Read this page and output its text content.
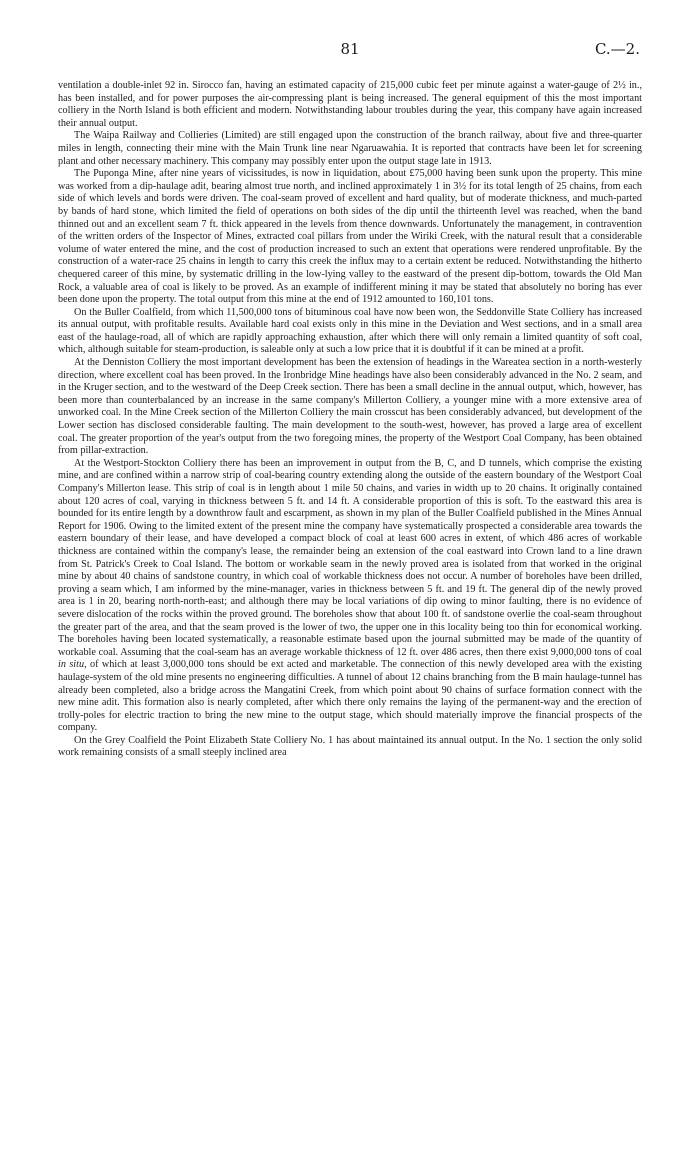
81	C.—2.

ventilation a double-inlet 92 in. Sirocco fan, having an estimated capacity of 215,000 cubic feet per minute against a water-gauge of 2½ in., has been installed, and for power purposes the air-compressing plant is being increased. The general equipment of this the most important colliery in the North Island is both efficient and modern. Notwithstanding labour troubles during the year, this company have again increased their annual output.

The Waipa Railway and Collieries (Limited) are still engaged upon the construction of the branch railway, about five and three-quarter miles in length, connecting their mine with the Main Trunk line near Ngaruawahia. It is reported that contracts have been let for screening plant and other necessary machinery. This company may possibly enter upon the output stage late in 1913.

The Puponga Mine, after nine years of vicissitudes, is now in liquidation, about £75,000 having been sunk upon the property. This mine was worked from a dip-haulage adit, bearing almost true north, and inclined approximately 1 in 3½ for its total length of 25 chains, from each side of which levels and bords were driven. The coal-seam proved of excellent and hard quality, but of moderate thickness, and much-parted by bands of hard stone, which limited the field of operations on both sides of the dip until the thirteenth level was reached, when the band thinned out and an excellent seam 7 ft. thick appeared in the levels from thence downwards. Unfortunately the management, in contravention of the written orders of the Inspector of Mines, extracted coal pillars from under the Wiriki Creek, with the natural result that a considerable volume of water entered the mine, and the cost of production increased to such an extent that operations were rendered unprofitable. By the construction of a water-race 25 chains in length to carry this creek the influx may to a certain extent be reduced. Notwithstanding the hitherto chequered career of this mine, by systematic drilling in the low-lying valley to the eastward of the present dip-bottom, towards the Old Man Rock, a valuable area of coal is likely to be proved. As an example of indifferent mining it may be stated that absolutely no boring has ever been done upon the property. The total output from this mine at the end of 1912 amounted to 160,101 tons.

On the Buller Coalfield, from which 11,500,000 tons of bituminous coal have now been won, the Seddonville State Colliery has increased its annual output, with profitable results. Available hard coal exists only in this mine in the Deviation and West sections, and in a small area east of the haulage-road, all of which are rapidly approaching exhaustion, after which there will only remain a limited quantity of soft coal, which, although suitable for steam-production, is saleable only at such a low price that it is doubtful if it can be mined at a profit.

At the Denniston Colliery the most important development has been the extension of headings in the Wareatea section in a north-westerly direction, where excellent coal has been proved. In the Ironbridge Mine headings have also been considerably advanced in the No. 2 seam, and in the Kruger section, and to the westward of the Deep Creek section. There has been a small decline in the annual output, which, however, has been more than counterbalanced by an increase in the same company's Millerton Colliery, a younger mine with a more extensive area of unworked coal. In the Mine Creek section of the Millerton Colliery the main crosscut has been considerably advanced, but development of the Lower section has disclosed considerable faulting. The main development to the south-west, however, has proved a large area of excellent coal. The greater proportion of the year's output from the two foregoing mines, the property of the Westport Coal Company, has been obtained from pillar-extraction.

At the Westport-Stockton Colliery there has been an improvement in output from the B, C, and D tunnels, which comprise the existing mine, and are confined within a narrow strip of coal-bearing country extending along the outside of the eastern boundary of the Westport Coal Company's Millerton lease. This strip of coal is in length about 1 mile 50 chains, and varies in width up to 20 chains. It originally contained about 120 acres of coal, varying in thickness between 5 ft. and 14 ft. A considerable proportion of this is soft. To the eastward this area is bounded for its entire length by a downthrow fault and escarpment, as shown in my plan of the Buller Coalfield published in the Mines Annual Report for 1906. Owing to the limited extent of the present mine the company have systematically prospected a considerable area towards the eastern boundary of their lease, and have developed a compact block of coal at least 600 acres in extent, of which 486 acres of workable thickness are contained within the company's lease, the remainder being an extension of the coal eastward into Crown land to a line drawn from St. Patrick's Creek to Coal Island. The bottom or workable seam in the newly proved area is isolated from that worked in the original mine by about 40 chains of sandstone country, in which coal of workable thickness does not occur. A number of boreholes have been drilled, proving a seam which, I am informed by the mine-manager, varies in thickness between 5 ft. and 19 ft. The general dip of the newly proved area is 1 in 20, bearing north-north-east; and although there may be local variations of dip owing to minor faulting, there is no evidence of severe dislocation of the rocks within the proved ground. The boreholes show that about 100 ft. of sandstone overlie the coal-seam throughout the greater part of the area, and that the seam proved is the lower of two, the upper one in this locality being too thin for economical working. The boreholes having been located systematically, a reasonable estimate based upon the journal submitted may be made of the quantity of workable coal. Assuming that the coal-seam has an average workable thickness of 12 ft. over 486 acres, then there exist 9,000,000 tons of coal in situ, of which at least 3,000,000 tons should be ext acted and marketable. The connection of this newly developed area with the existing haulage-system of the old mine presents no engineering difficulties. A tunnel of about 12 chains branching from the B main haulage-tunnel has already been completed, also a bridge across the Mangatini Creek, from which point about 90 chains of surface formation connect with the new mine adit. This formation also is nearly completed, after which there only remains the laying of the permanent-way and the erection of trolly-poles for electric traction to bring the new mine to the output stage, which should materially improve the financial prospects of the company.

On the Grey Coalfield the Point Elizabeth State Colliery No. 1 has about maintained its annual output. In the No. 1 section the only solid work remaining consists of a small steeply inclined area
